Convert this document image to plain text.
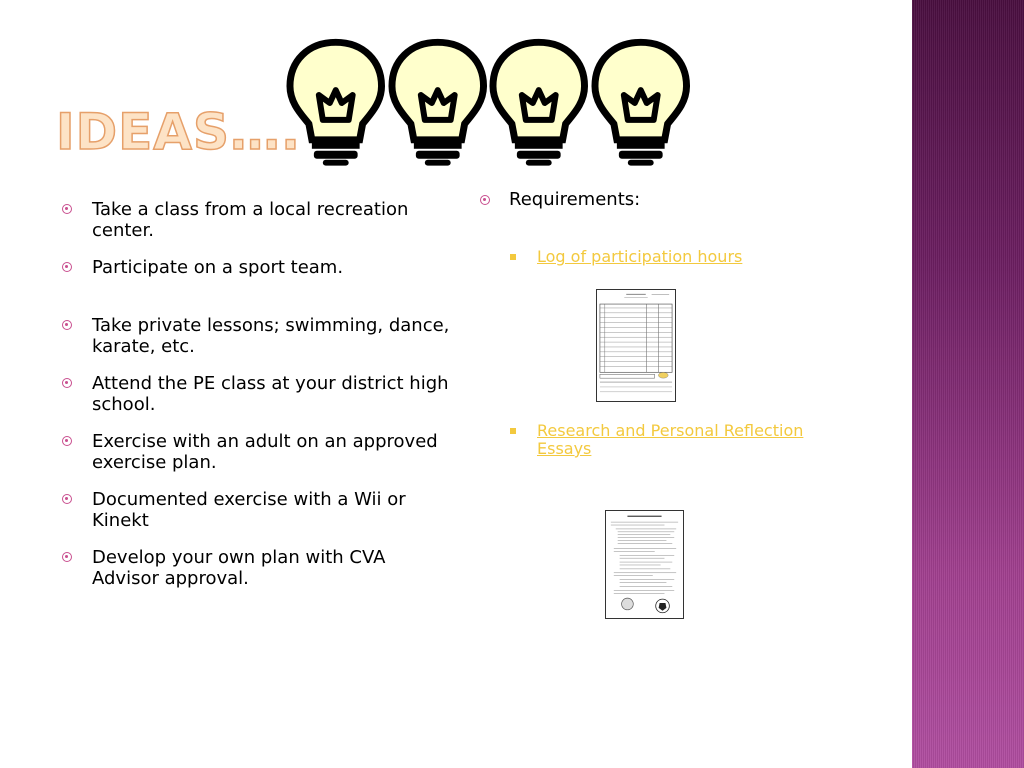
IDEAS….
Take a class from a local recreation center.
Participate on a sport team.
Take private lessons; swimming, dance, karate, etc.
Attend the PE class at your district high school.
Exercise with an adult on an approved exercise plan.
Documented exercise with a Wii or Kinekt
Develop your own plan with CVA Advisor approval.

Requirements:

Log of participation hours

Research and Personal Reflection Essays
